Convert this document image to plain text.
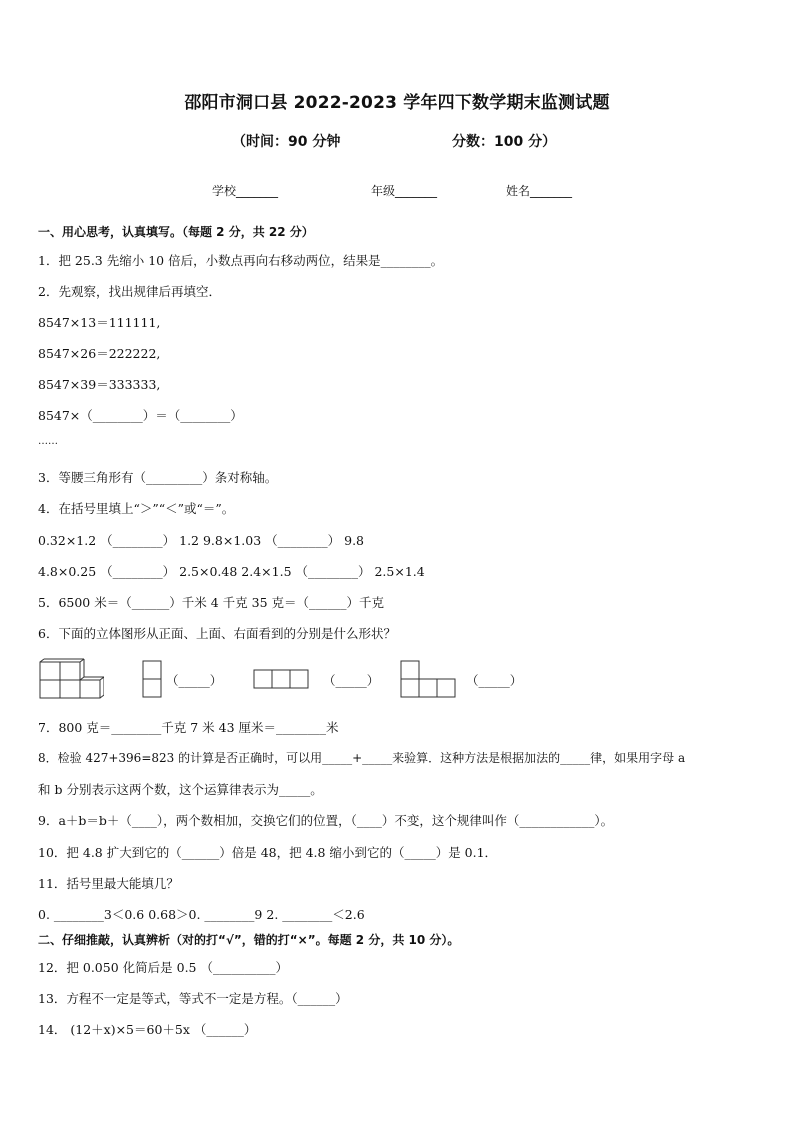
邵阳市洞口县 2022-2023 学年四下数学期末监测试题
（时间：90 分钟	分数：100 分）
学校_______	年级_______	姓名_______
一、用心思考，认真填写。（每题 2 分，共 22 分）
1．把 25.3 先缩小 10 倍后，小数点再向右移动两位，结果是________。
2．先观察，找出规律后再填空．
8547×13＝111111,
8547×26＝222222,
8547×39＝333333,
8547×（________）＝（________）
……
3．等腰三角形有（_________）条对称轴。
4．在括号里填上“＞”“＜”或“＝”。
0.32×1.2 （________） 1.2 9.8×1.03 （________） 9.8
4.8×0.25 （________） 2.5×0.48 2.4×1.5 （________） 2.5×1.4
5．6500 米＝（______）千米 4 千克 35 克＝（______）千克
6．下面的立体图形从正面、上面、右面看到的分别是什么形状？
（_____）	（_____）	（_____）
7．800 克＝________千克 7 米 43 厘米＝________米
8．检验 427+396=823 的计算是否正确时，可以用_____+_____来验算．这种方法是根据加法的_____律，如果用字母 a
和 b 分别表示这两个数，这个运算律表示为_____。
9．a＋b＝b＋（____），两个数相加，交换它们的位置，（____）不变，这个规律叫作（____________）。
10．把 4.8 扩大到它的（______）倍是 48，把 4.8 缩小到它的（_____）是 0.1．
11．括号里最大能填几？
0. ________3＜0.6 0.68＞0. ________9 2. ________＜2.6
二、仔细推敲，认真辨析（对的打“√”，错的打“×”。每题 2 分，共 10 分）。
12．把 0.050 化简后是 0.5 （__________）
13．方程不一定是等式，等式不一定是方程。（______）
14． (12＋x)×5＝60＋5x （______）
